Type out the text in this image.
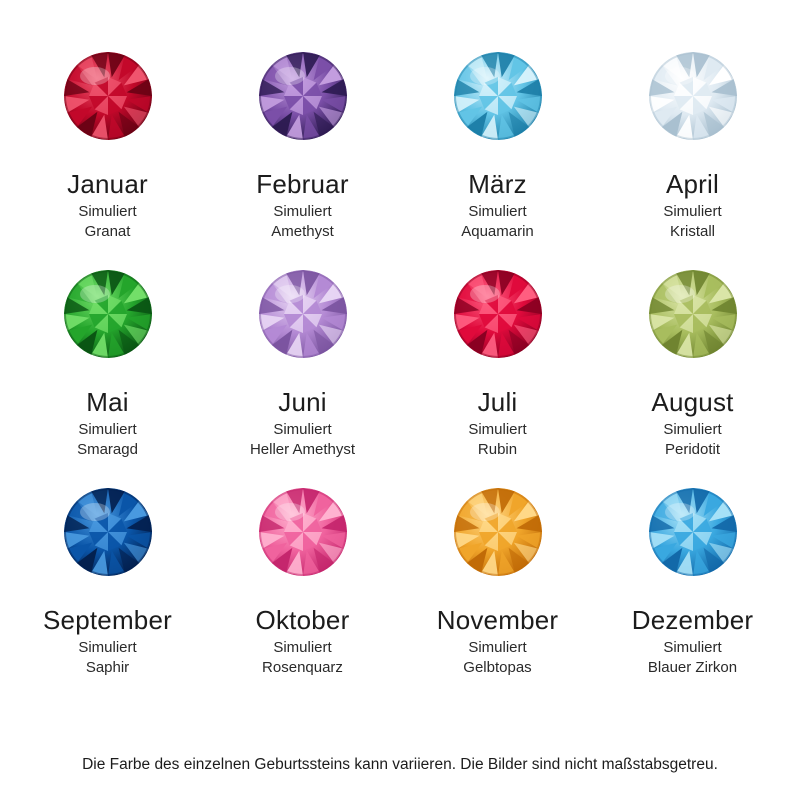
Januar
Simuliert
Granat
Februar
Simuliert
Amethyst
März
Simuliert
Aquamarin
April
Simuliert
Kristall
Mai
Simuliert
Smaragd
Juni
Simuliert
Heller Amethyst
Juli
Simuliert
Rubin
August
Simuliert
Peridotit
September
Simuliert
Saphir
Oktober
Simuliert
Rosenquarz
November
Simuliert
Gelbtopas
Dezember
Simuliert
Blauer Zirkon
Die Farbe des einzelnen Geburtssteins kann variieren. Die Bilder sind nicht maßstabsgetreu.
